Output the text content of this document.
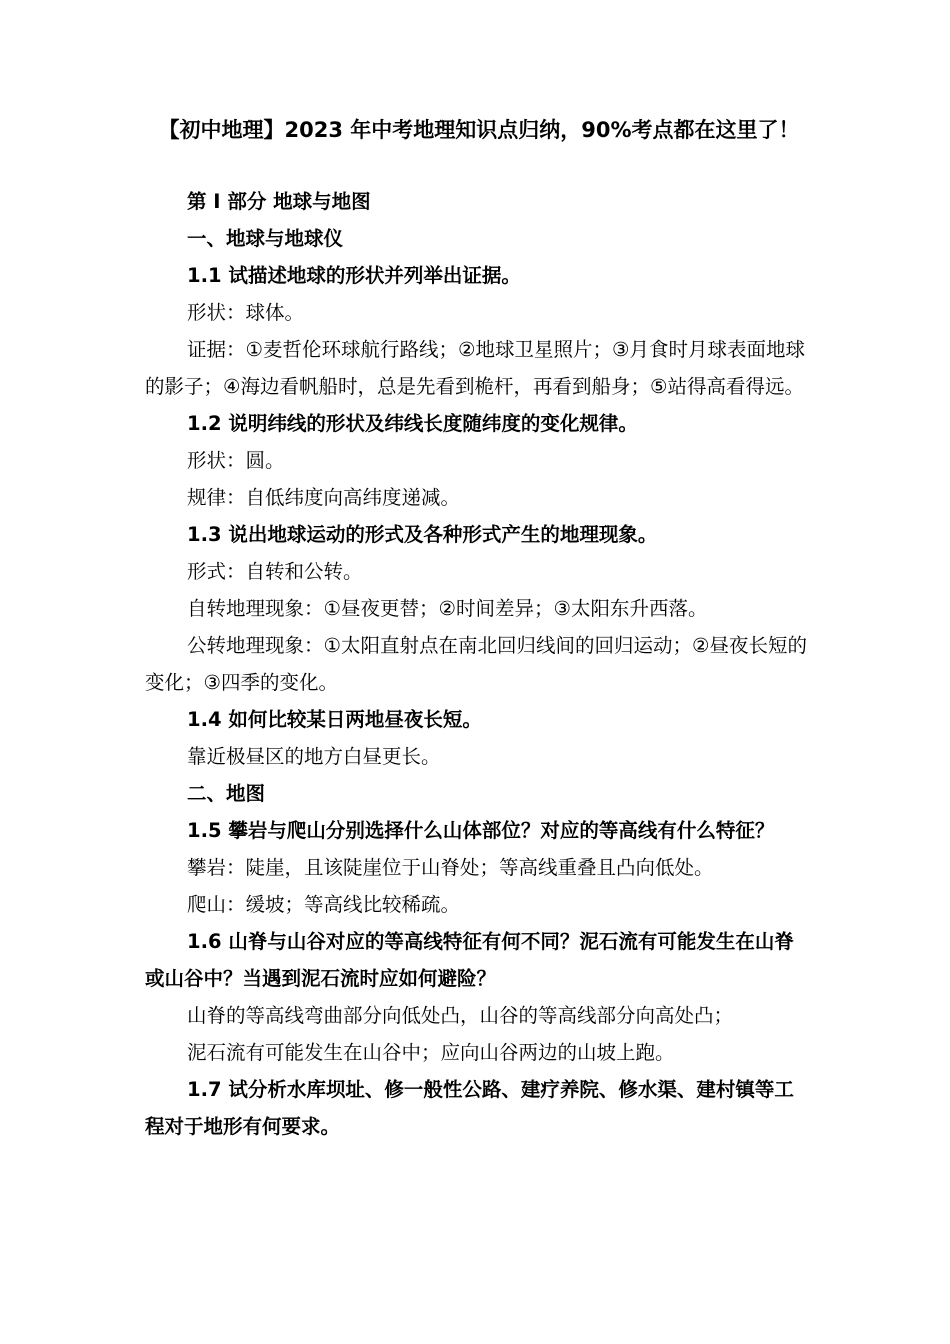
【初中地理】2023 年中考地理知识点归纳，90%考点都在这里了！
第 I 部分 地球与地图
一、地球与地球仪
1.1 试描述地球的形状并列举出证据。
形状：球体。
证据：①麦哲伦环球航行路线；②地球卫星照片；③月食时月球表面地球的影子；④海边看帆船时，总是先看到桅杆，再看到船身；⑤站得高看得远。
1.2 说明纬线的形状及纬线长度随纬度的变化规律。
形状：圆。
规律：自低纬度向高纬度递减。
1.3 说出地球运动的形式及各种形式产生的地理现象。
形式：自转和公转。
自转地理现象：①昼夜更替；②时间差异；③太阳东升西落。
公转地理现象：①太阳直射点在南北回归线间的回归运动；②昼夜长短的变化；③四季的变化。
1.4 如何比较某日两地昼夜长短。
靠近极昼区的地方白昼更长。
二、地图
1.5 攀岩与爬山分别选择什么山体部位？对应的等高线有什么特征？
攀岩：陡崖，且该陡崖位于山脊处；等高线重叠且凸向低处。
爬山：缓坡；等高线比较稀疏。
1.6 山脊与山谷对应的等高线特征有何不同？泥石流有可能发生在山脊或山谷中？当遇到泥石流时应如何避险？
山脊的等高线弯曲部分向低处凸，山谷的等高线部分向高处凸；
泥石流有可能发生在山谷中；应向山谷两边的山坡上跑。
1.7 试分析水库坝址、修一般性公路、建疗养院、修水渠、建村镇等工程对于地形有何要求。
